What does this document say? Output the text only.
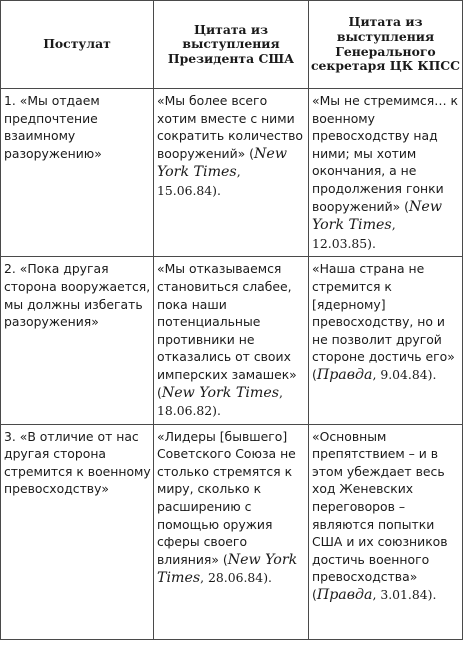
Постулат	Цитата из выступления Президента США	Цитата из выступления Генерального секретаря ЦК КПСС
1. «Мы отдаем предпочтение взаимному разоружению»	«Мы более всего хотим вместе с ними сократить количество вооружений» (New York Times, 15.06.84).	«Мы не стремимся… к военному превосходству над ними; мы хотим окончания, а не продолжения гонки вооружений» (New York Times, 12.03.85).
2. «Пока другая сторона вооружается, мы должны избегать разоружения»	«Мы отказываемся становиться слабее, пока наши потенциальные противники не отказались от своих имперских замашек» (New York Times, 18.06.82).	«Наша страна не стремится к [ядерному] превосходству, но и не позволит другой стороне достичь его» (Правда, 9.04.84).
3. «В отличие от нас другая сторона стремится к военному превосходству»	«Лидеры [бывшего] Советского Союза не столько стремятся к миру, сколько к расширению с помощью оружия сферы своего влияния» (New York Times, 28.06.84).	«Основным препятствием – и в этом убеждает весь ход Женевских переговоров – являются попытки США и их союзников достичь военного превосходства» (Правда, 3.01.84).
